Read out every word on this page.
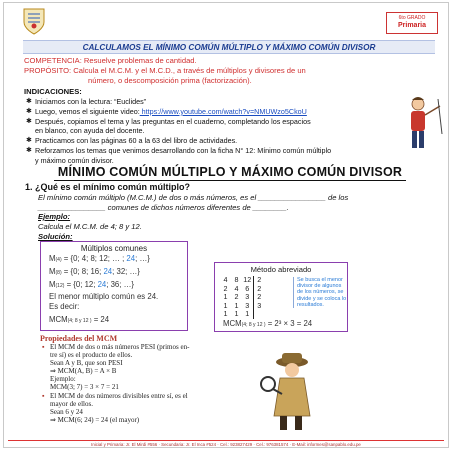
6to GRADO
Primaria
CALCULAMOS EL MÍNIMO COMÚN MÚLTIPLO Y MÁXIMO COMÚN DIVISOR
COMPETENCIA: Resuelve problemas de cantidad.
PROPÓSITO: Calcula el M.C.M. y el M.C.D., a través de múltiplos y divisores de un
número, o descomposición prima (factorización).
INDICACIONES:
✱ Iniciamos con la lectura: “Euclides”
✱ Luego, vemos el siguiente video: https://www.youtube.com/watch?v=NMUWzo5CkoU
✱ Después, copiamos el tema y las preguntas en el cuaderno, completando los espacios
en blanco, con ayuda del docente.
✱ Practicamos con las páginas 60 a la 63 del libro de actividades.
✱ Reforzamos los temas que venimos desarrollando con la ficha N° 12: Mínimo común múltiplo
y máximo común divisor.
MÍNIMO COMÚN MÚLTIPLO Y MÁXIMO COMÚN DIVISOR
1. ¿Qué es el mínimo común múltiplo?
El mínimo común múltiplo (M.C.M.) de dos o más números, es el ________________ de los
________________ comunes de dichos números diferentes de ________.
Ejemplo:
Calcula el M.C.M. de 4; 8 y 12.
Solución:
Múltiplos comunes
M(4) = {0; 4; 8; 12; … ; 24; …}
M(8) = {0; 8; 16; 24; 32; …}
M(12) = {0; 12; 24; 36; …}
El menor múltiplo común es 24.
Es decir:
MCM(4; 8 y 12 ) = 24
Método abreviado
4	8	12	2
2	4	6	2
1	2	3	2
1	1	3	3
1	1	1	
Se busca el menor divisor de algunos de los números, se divide y se coloca lo resultados.
MCM(4; 8 y 12 ) = 2³ × 3 = 24
Propiedades del MCM
▪ El MCM de dos o más números PESI (primos en-
tre sí) es el producto de ellos.
Sean A y B, que son PESI
⇒ MCM(A, B) = A × B
Ejemplo:
MCM(3; 7) = 3 × 7 = 21
▪ El MCM de dos números divisibles entre sí, es el
mayor de ellos.
Sean 6 y 24
⇒ MCM(6; 24) = 24 (el mayor)
Inicial y Primaria: Jr. El Mirdi #556 · Secundaria: Jr. El Inca #524 · Cel.: 923827429 · Cel.: 976381574 · E-Mail: informes@sanpablo.edu.pe
